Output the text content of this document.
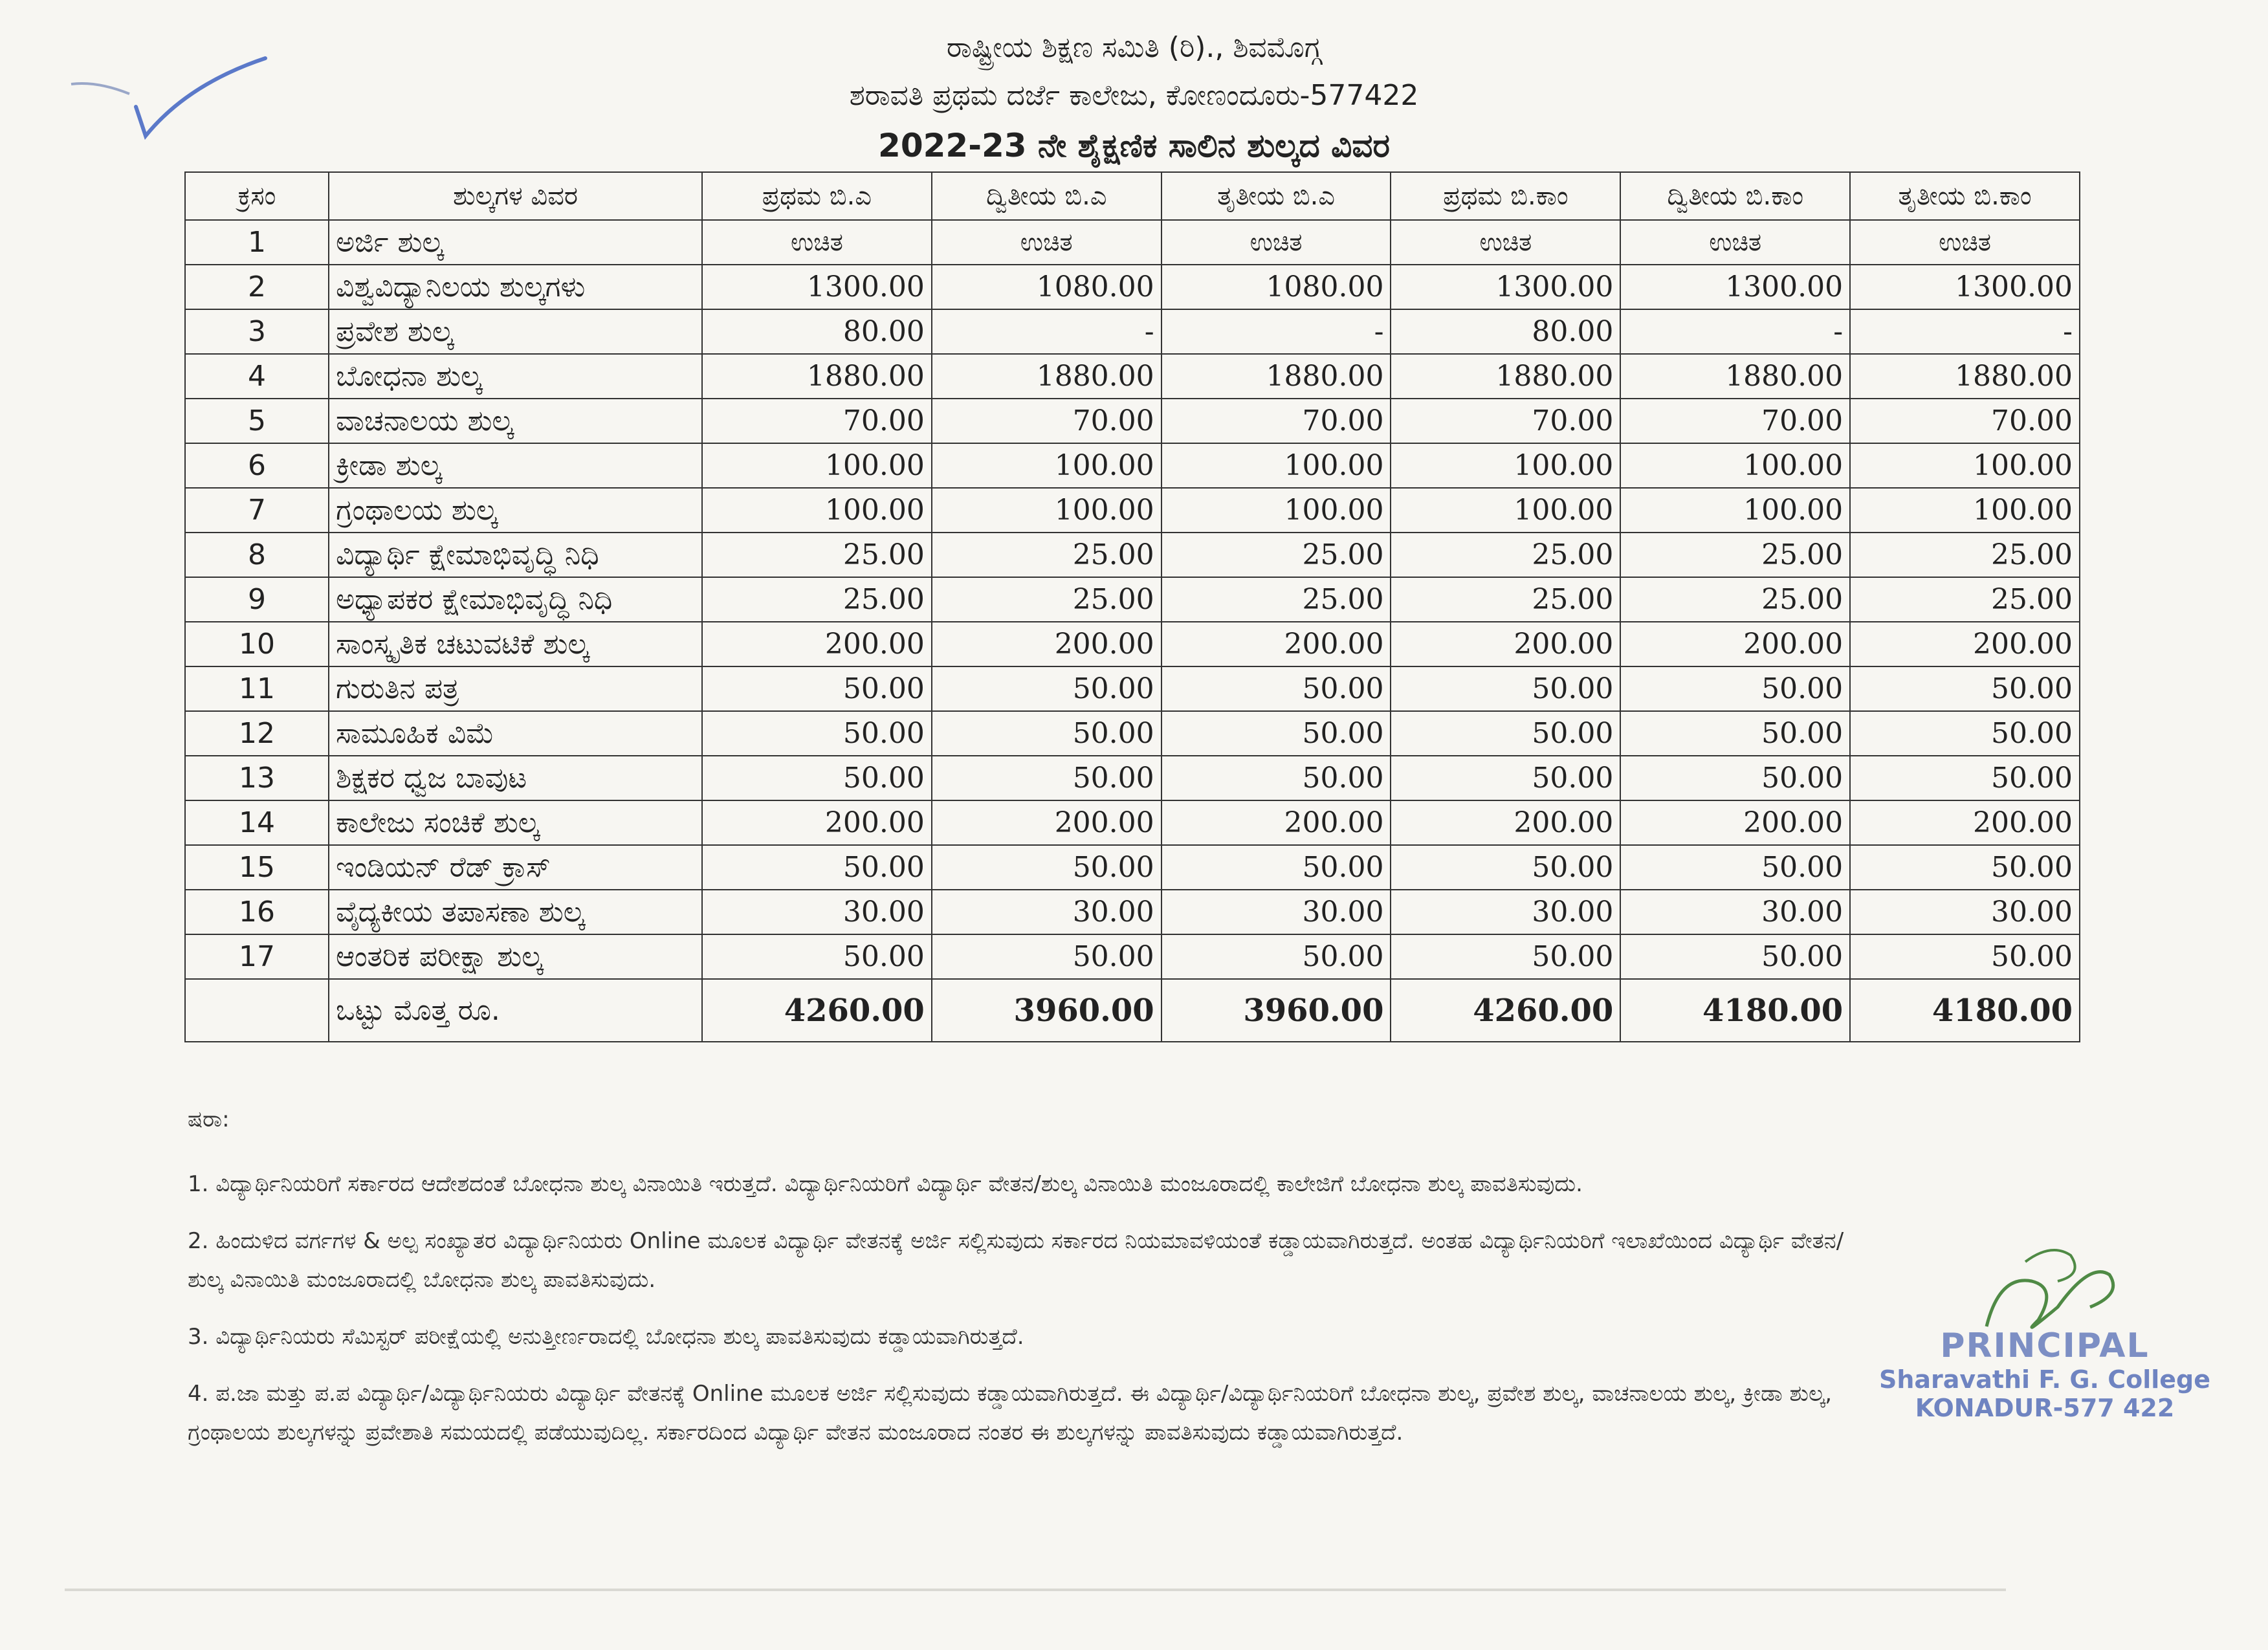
ರಾಷ್ಟ್ರೀಯ ಶಿಕ್ಷಣ ಸಮಿತಿ (ರಿ)., ಶಿವಮೊಗ್ಗ
ಶರಾವತಿ ಪ್ರಥಮ ದರ್ಜೆ ಕಾಲೇಜು, ಕೋಣಂದೂರು-577422
2022-23 ನೇ ಶೈಕ್ಷಣಿಕ ಸಾಲಿನ ಶುಲ್ಕದ ವಿವರ
ಕ್ರಸಂ	ಶುಲ್ಕಗಳ ವಿವರ	ಪ್ರಥಮ ಬಿ.ಎ	ದ್ವಿತೀಯ ಬಿ.ಎ	ತೃತೀಯ ಬಿ.ಎ	ಪ್ರಥಮ ಬಿ.ಕಾಂ	ದ್ವಿತೀಯ ಬಿ.ಕಾಂ	ತೃತೀಯ ಬಿ.ಕಾಂ
1	ಅರ್ಜಿ ಶುಲ್ಕ	ಉಚಿತ	ಉಚಿತ	ಉಚಿತ	ಉಚಿತ	ಉಚಿತ	ಉಚಿತ
2	ವಿಶ್ವವಿದ್ಯಾನಿಲಯ ಶುಲ್ಕಗಳು	1300.00	1080.00	1080.00	1300.00	1300.00	1300.00
3	ಪ್ರವೇಶ ಶುಲ್ಕ	80.00	-	-	80.00	-	-
4	ಬೋಧನಾ ಶುಲ್ಕ	1880.00	1880.00	1880.00	1880.00	1880.00	1880.00
5	ವಾಚನಾಲಯ ಶುಲ್ಕ	70.00	70.00	70.00	70.00	70.00	70.00
6	ಕ್ರೀಡಾ ಶುಲ್ಕ	100.00	100.00	100.00	100.00	100.00	100.00
7	ಗ್ರಂಥಾಲಯ ಶುಲ್ಕ	100.00	100.00	100.00	100.00	100.00	100.00
8	ವಿದ್ಯಾರ್ಥಿ ಕ್ಷೇಮಾಭಿವೃದ್ಧಿ ನಿಧಿ	25.00	25.00	25.00	25.00	25.00	25.00
9	ಅಧ್ಯಾಪಕರ ಕ್ಷೇಮಾಭಿವೃದ್ಧಿ ನಿಧಿ	25.00	25.00	25.00	25.00	25.00	25.00
10	ಸಾಂಸ್ಕೃತಿಕ ಚಟುವಟಿಕೆ ಶುಲ್ಕ	200.00	200.00	200.00	200.00	200.00	200.00
11	ಗುರುತಿನ ಪತ್ರ	50.00	50.00	50.00	50.00	50.00	50.00
12	ಸಾಮೂಹಿಕ ವಿಮೆ	50.00	50.00	50.00	50.00	50.00	50.00
13	ಶಿಕ್ಷಕರ ಧ್ವಜ ಬಾವುಟ	50.00	50.00	50.00	50.00	50.00	50.00
14	ಕಾಲೇಜು ಸಂಚಿಕೆ ಶುಲ್ಕ	200.00	200.00	200.00	200.00	200.00	200.00
15	ಇಂಡಿಯನ್ ರೆಡ್ ಕ್ರಾಸ್	50.00	50.00	50.00	50.00	50.00	50.00
16	ವೈದ್ಯಕೀಯ ತಪಾಸಣಾ ಶುಲ್ಕ	30.00	30.00	30.00	30.00	30.00	30.00
17	ಆಂತರಿಕ ಪರೀಕ್ಷಾ ಶುಲ್ಕ	50.00	50.00	50.00	50.00	50.00	50.00
	ಒಟ್ಟು ಮೊತ್ತ ರೂ.	4260.00	3960.00	3960.00	4260.00	4180.00	4180.00
ಷರಾ:

1. ವಿದ್ಯಾರ್ಥಿನಿಯರಿಗೆ ಸರ್ಕಾರದ ಆದೇಶದಂತೆ ಬೋಧನಾ ಶುಲ್ಕ ವಿನಾಯಿತಿ ಇರುತ್ತದೆ. ವಿದ್ಯಾರ್ಥಿನಿಯರಿಗೆ ವಿದ್ಯಾರ್ಥಿ ವೇತನ/ಶುಲ್ಕ ವಿನಾಯಿತಿ ಮಂಜೂರಾದಲ್ಲಿ ಕಾಲೇಜಿಗೆ ಬೋಧನಾ ಶುಲ್ಕ ಪಾವತಿಸುವುದು.

2. ಹಿಂದುಳಿದ ವರ್ಗಗಳ & ಅಲ್ಪ ಸಂಖ್ಯಾತರ ವಿದ್ಯಾರ್ಥಿನಿಯರು Online ಮೂಲಕ ವಿದ್ಯಾರ್ಥಿ ವೇತನಕ್ಕೆ ಅರ್ಜಿ ಸಲ್ಲಿಸುವುದು ಸರ್ಕಾರದ ನಿಯಮಾವಳಿಯಂತೆ ಕಡ್ಡಾಯವಾಗಿರುತ್ತದೆ. ಅಂತಹ ವಿದ್ಯಾರ್ಥಿನಿಯರಿಗೆ ಇಲಾಖೆಯಿಂದ ವಿದ್ಯಾರ್ಥಿ ವೇತನ/ಶುಲ್ಕ ವಿನಾಯಿತಿ ಮಂಜೂರಾದಲ್ಲಿ ಬೋಧನಾ ಶುಲ್ಕ ಪಾವತಿಸುವುದು.

3. ವಿದ್ಯಾರ್ಥಿನಿಯರು ಸೆಮಿಸ್ಟರ್ ಪರೀಕ್ಷೆಯಲ್ಲಿ ಅನುತ್ತೀರ್ಣರಾದಲ್ಲಿ ಬೋಧನಾ ಶುಲ್ಕ ಪಾವತಿಸುವುದು ಕಡ್ಡಾಯವಾಗಿರುತ್ತದೆ.

4. ಪ.ಜಾ ಮತ್ತು ಪ.ಪ ವಿದ್ಯಾರ್ಥಿ/ವಿದ್ಯಾರ್ಥಿನಿಯರು ವಿದ್ಯಾರ್ಥಿ ವೇತನಕ್ಕೆ Online ಮೂಲಕ ಅರ್ಜಿ ಸಲ್ಲಿಸುವುದು ಕಡ್ಡಾಯವಾಗಿರುತ್ತದೆ. ಈ ವಿದ್ಯಾರ್ಥಿ/ವಿದ್ಯಾರ್ಥಿನಿಯರಿಗೆ ಬೋಧನಾ ಶುಲ್ಕ, ಪ್ರವೇಶ ಶುಲ್ಕ, ವಾಚನಾಲಯ ಶುಲ್ಕ, ಕ್ರೀಡಾ ಶುಲ್ಕ, ಗ್ರಂಥಾಲಯ ಶುಲ್ಕಗಳನ್ನು ಪ್ರವೇಶಾತಿ ಸಮಯದಲ್ಲಿ ಪಡೆಯುವುದಿಲ್ಲ. ಸರ್ಕಾರದಿಂದ ವಿದ್ಯಾರ್ಥಿ ವೇತನ ಮಂಜೂರಾದ ನಂತರ ಈ ಶುಲ್ಕಗಳನ್ನು ಪಾವತಿಸುವುದು ಕಡ್ಡಾಯವಾಗಿರುತ್ತದೆ.

PRINCIPAL
Sharavathi F. G. College
KONADUR-577 422
